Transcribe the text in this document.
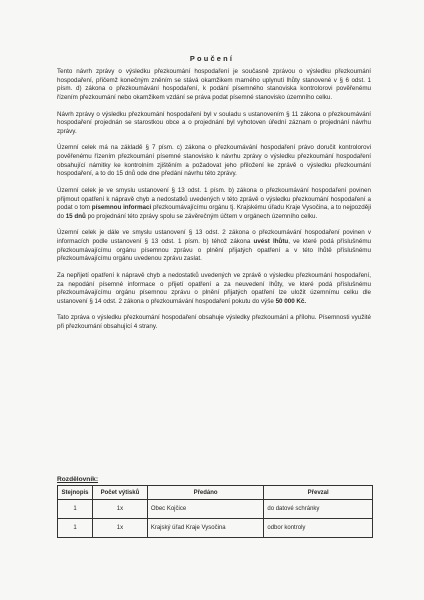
Poučení

Tento návrh zprávy o výsledku přezkoumání hospodaření je současně zprávou o výsledku přezkoumání hospodaření, přičemž konečným zněním se stává okamžikem marného uplynutí lhůty stanovené v § 6 odst. 1 písm. d) zákona o přezkoumávání hospodaření, k podání písemného stanoviska kontrolorovi pověřenému řízením přezkoumání nebo okamžikem vzdání se práva podat písemné stanovisko územního celku.

Návrh zprávy o výsledku přezkoumání hospodaření byl v souladu s ustanovením § 11 zákona o přezkoumávání hospodaření projednán se starostkou obce a o projednání byl vyhotoven úřední záznam o projednání návrhu zprávy.

Územní celek má na základě § 7 písm. c) zákona o přezkoumávání hospodaření právo doručit kontrolorovi pověřenému řízením přezkoumání písemné stanovisko k návrhu zprávy o výsledku přezkoumání hospodaření obsahující námitky ke kontrolním zjištěním a požadovat jeho přiložení ke zprávě o výsledku přezkoumání hospodaření, a to do 15 dnů ode dne předání návrhu této zprávy.

Územní celek je ve smyslu ustanovení § 13 odst. 1 písm. b) zákona o přezkoumávání hospodaření povinen přijmout opatření k nápravě chyb a nedostatků uvedených v této zprávě o výsledku přezkoumání hospodaření a podat o tom písemnou informaci přezkoumávajícímu orgánu tj. Krajskému úřadu Kraje Vysočina, a to nejpozději do 15 dnů po projednání této zprávy spolu se závěrečným účtem v orgánech územního celku.

Územní celek je dále ve smyslu ustanovení § 13 odst. 2 zákona o přezkoumávání hospodaření povinen v informacích podle ustanovení § 13 odst. 1 písm. b) téhož zákona uvést lhůtu, ve které podá příslušnému přezkoumávajícímu orgánu písemnou zprávu o plnění přijatých opatření a v této lhůtě příslušnému přezkoumávajícímu orgánu uvedenou zprávu zaslat.

Za nepřijetí opatření k nápravě chyb a nedostatků uvedených ve zprávě o výsledku přezkoumání hospodaření, za nepodání písemné informace o přijetí opatření a za neuvedení lhůty, ve které podá příslušnému přezkoumávajícímu orgánu písemnou zprávu o plnění přijatých opatření lze uložit územnímu celku dle ustanovení § 14 odst. 2 zákona o přezkoumávání hospodaření pokutu do výše 50 000 Kč.

Tato zpráva o výsledku přezkoumání hospodaření obsahuje výsledky přezkoumání a přílohu. Písemnosti využité při přezkoumání obsahující 4 strany.

Rozdělovník:
Stejnopis	Počet výtisků	Předáno	Převzal
1	1x	Obec Kojčice	do datové schránky
1	1x	Krajský úřad Kraje Vysočina	odbor kontroly
